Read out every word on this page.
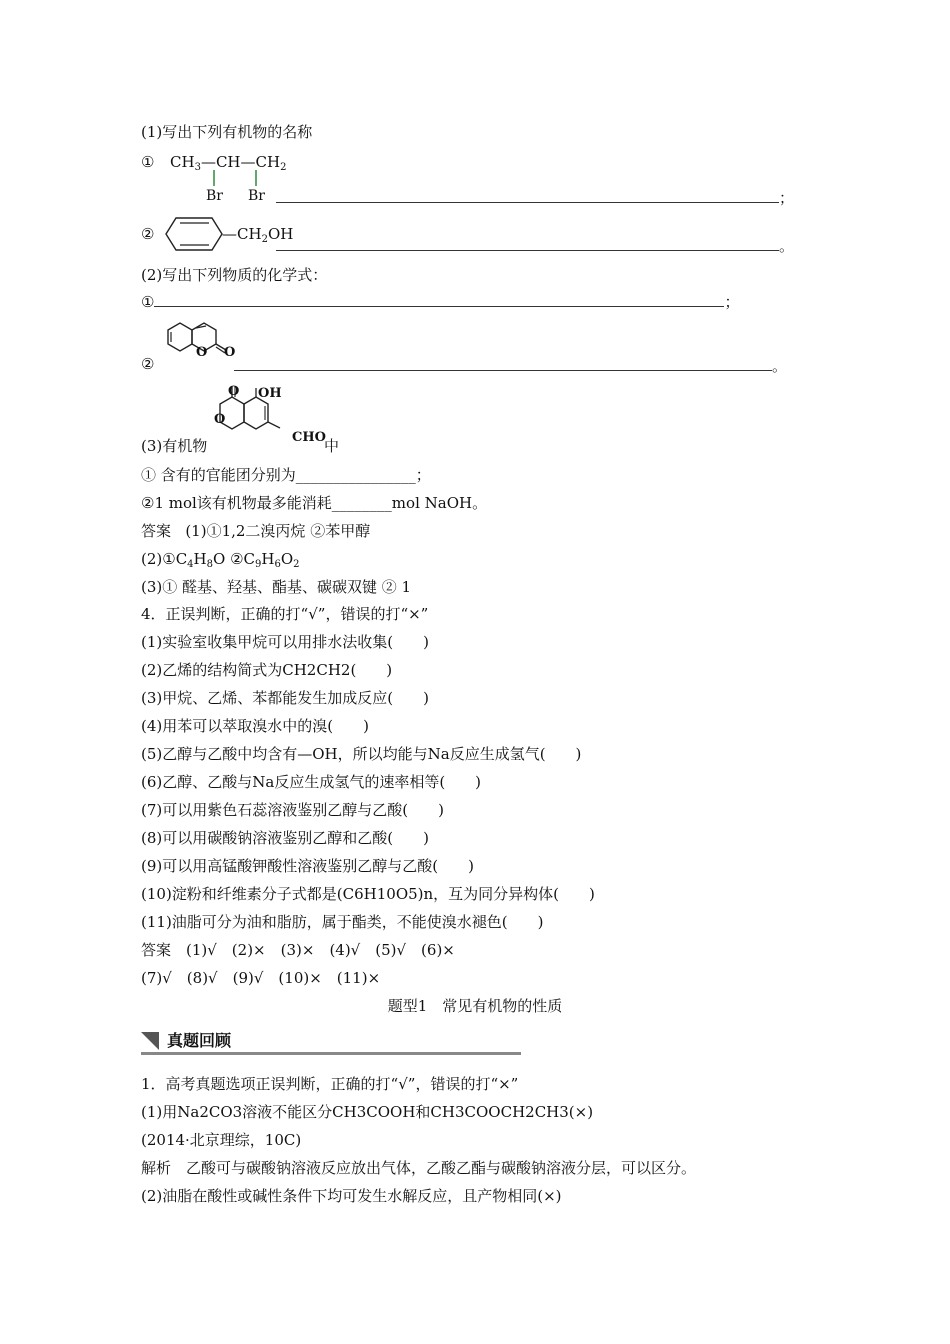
(1)写出下列有机物的名称
① $CH_3—CH—CH_2$
Br Br	；
②	$—CH_2OH$
。
(2)写出下列物质的化学式：
①	；
O O
②	。
O
O
OH
CHO
(3)有机物	中
① 含有的官能团分别为________________；
②1 mol该有机物最多能消耗________mol NaOH。
答案 (1)①1,2二溴丙烷 ②苯甲醇
$(2)①C_4H_8O$ $②C_9H_6O_2$
(3)① 醛基、羟基、酯基、碳碳双键 ② 1
4．正误判断，正确的打“√”，错误的打“×”
(1)实验室收集甲烷可以用排水法收集(　　)
(2)乙烯的结构简式为CH2CH2(　　)
(3)甲烷、乙烯、苯都能发生加成反应(　　)
(4)用苯可以萃取溴水中的溴(　　)
(5)乙醇与乙酸中均含有—OH，所以均能与Na反应生成氢气(　　)
(6)乙醇、乙酸与Na反应生成氢气的速率相等(　　)
(7)可以用紫色石蕊溶液鉴别乙醇与乙酸(　　)
(8)可以用碳酸钠溶液鉴别乙醇和乙酸(　　)
(9)可以用高锰酸钾酸性溶液鉴别乙醇与乙酸(　　)
(10)淀粉和纤维素分子式都是(C6H10O5)n，互为同分异构体(　　)
(11)油脂可分为油和脂肪，属于酯类，不能使溴水褪色(　　)
答案　(1)√　(2)×　(3)×　(4)√　(5)√　(6)×
(7)√　(8)√　(9)√　(10)×　(11)×
题型1　常见有机物的性质
真题回顾
1．高考真题选项正误判断，正确的打“√”，错误的打“×”
(1)用Na2CO3溶液不能区分CH3COOH和CH3COOCH2CH3(×)
(2014·北京理综，10C)
解析　乙酸可与碳酸钠溶液反应放出气体，乙酸乙酯与碳酸钠溶液分层，可以区分。
(2)油脂在酸性或碱性条件下均可发生水解反应，且产物相同(×)
